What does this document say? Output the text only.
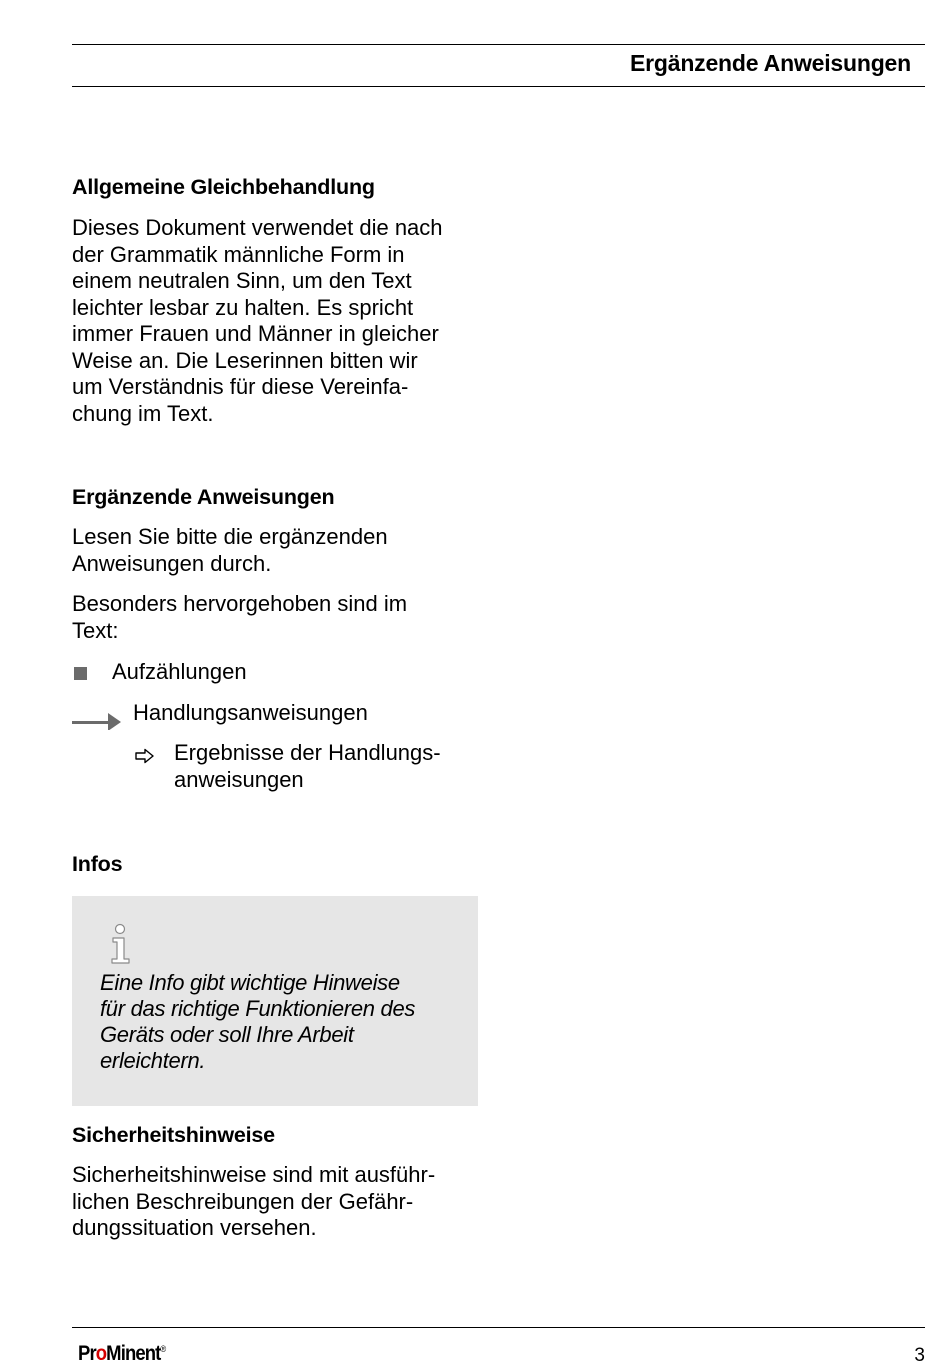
Ergänzende Anweisungen
Allgemeine Gleichbehandlung

Dieses Dokument verwendet die nach
der Grammatik männliche Form in
einem neutralen Sinn, um den Text
leichter lesbar zu halten. Es spricht
immer Frauen und Männer in gleicher
Weise an. Die Leserinnen bitten wir
um Verständnis für diese Vereinfa-
chung im Text.

Ergänzende Anweisungen

Lesen Sie bitte die ergänzenden
Anweisungen durch.

Besonders hervorgehoben sind im
Text:

Aufzählungen
Handlungsanweisungen
Ergebnisse der Handlungs-
anweisungen
Infos
Eine Info gibt wichtige Hinweise
für das richtige Funktionieren des
Geräts oder soll Ihre Arbeit
erleichtern.
Sicherheitshinweise

Sicherheitshinweise sind mit ausführ-
lichen Beschreibungen der Gefähr-
dungssituation versehen.

ProMinent®	3
